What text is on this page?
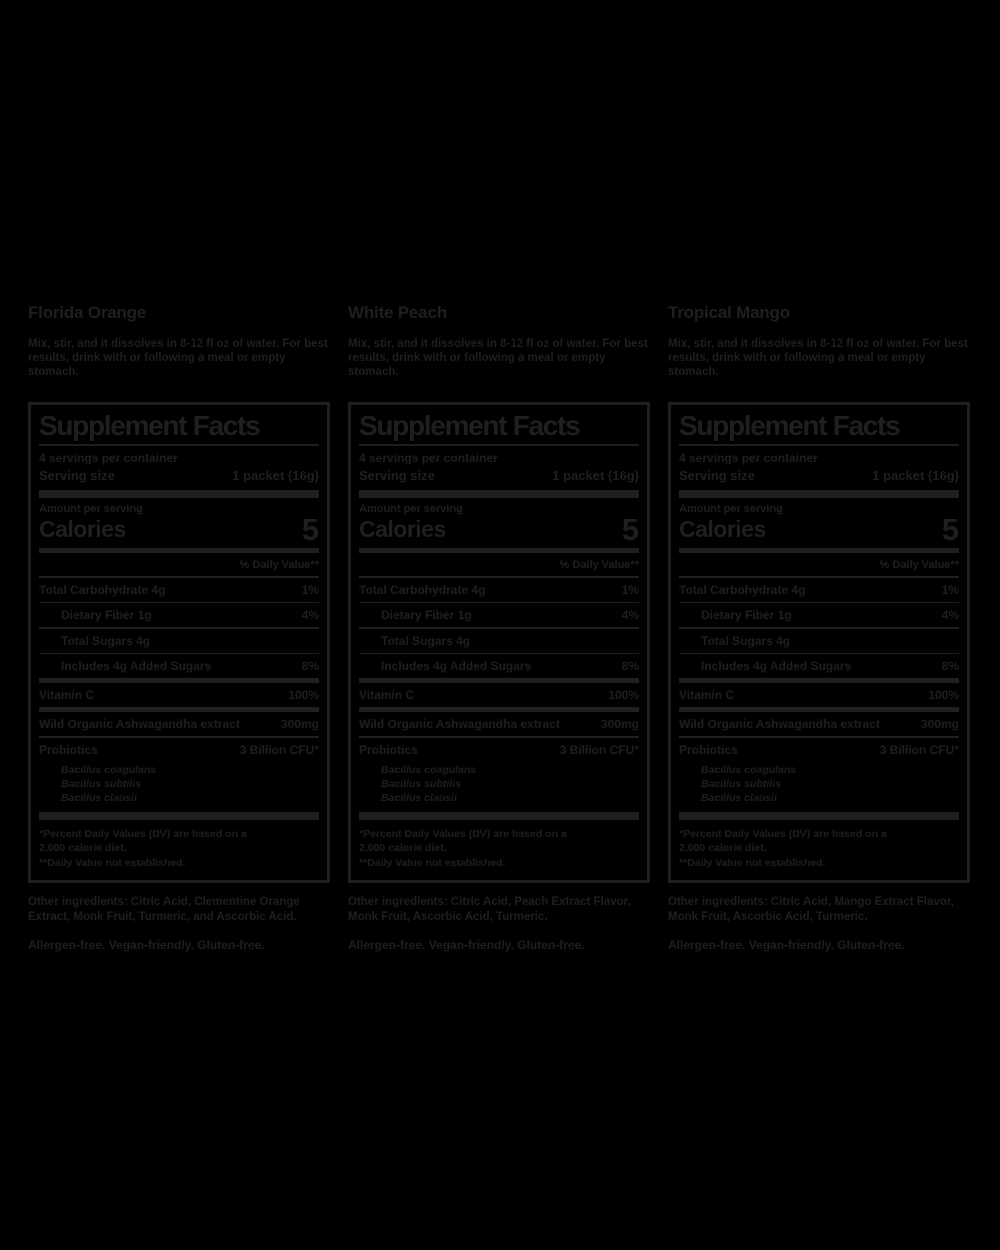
Florida Orange
Mix, stir, and it dissolves in 8-12 fl oz of water. For best results, drink with or following a meal or empty stomach.
Supplement Facts
4 servings per container
Serving size	1 packet (16g)
Amount per serving
Calories	5
% Daily Value**
Total Carbohydrate 4g	1%
Dietary Fiber 1g	4%
Total Sugars 4g
Includes 4g Added Sugars	8%
Vitamin C	100%
Wild Organic Ashwagandha extract	300mg
Probiotics	3 Billion CFU*
Bacillus coagulans
Bacillus subtilis
Bacillus clausii
*Percent Daily Values (DV) are based on a
2,000 calorie diet.
**Daily Value not established.
Other ingredients: Citric Acid, Clementine Orange Extract, Monk Fruit, Turmeric, and Ascorbic Acid.
Allergen-free. Vegan-friendly. Gluten-free.
White Peach
Mix, stir, and it dissolves in 8-12 fl oz of water. For best results, drink with or following a meal or empty stomach.
Supplement Facts
4 servings per container
Serving size	1 packet (16g)
Amount per serving
Calories	5
% Daily Value**
Total Carbohydrate 4g	1%
Dietary Fiber 1g	4%
Total Sugars 4g
Includes 4g Added Sugars	8%
Vitamin C	100%
Wild Organic Ashwagandha extract	300mg
Probiotics	3 Billion CFU*
Bacillus coagulans
Bacillus subtilis
Bacillus clausii
*Percent Daily Values (DV) are based on a
2,000 calorie diet.
**Daily Value not established.
Other ingredients: Citric Acid, Peach Extract Flavor, Monk Fruit, Ascorbic Acid, Turmeric.
Allergen-free. Vegan-friendly. Gluten-free.
Tropical Mango
Mix, stir, and it dissolves in 8-12 fl oz of water. For best results, drink with or following a meal or empty stomach.
Supplement Facts
4 servings per container
Serving size	1 packet (16g)
Amount per serving
Calories	5
% Daily Value**
Total Carbohydrate 4g	1%
Dietary Fiber 1g	4%
Total Sugars 4g
Includes 4g Added Sugars	8%
Vitamin C	100%
Wild Organic Ashwagandha extract	300mg
Probiotics	3 Billion CFU*
Bacillus coagulans
Bacillus subtilis
Bacillus clausii
*Percent Daily Values (DV) are based on a
2,000 calorie diet.
**Daily Value not established.
Other ingredients: Citric Acid, Mango Extract Flavor, Monk Fruit, Ascorbic Acid, Turmeric.
Allergen-free. Vegan-friendly. Gluten-free.
